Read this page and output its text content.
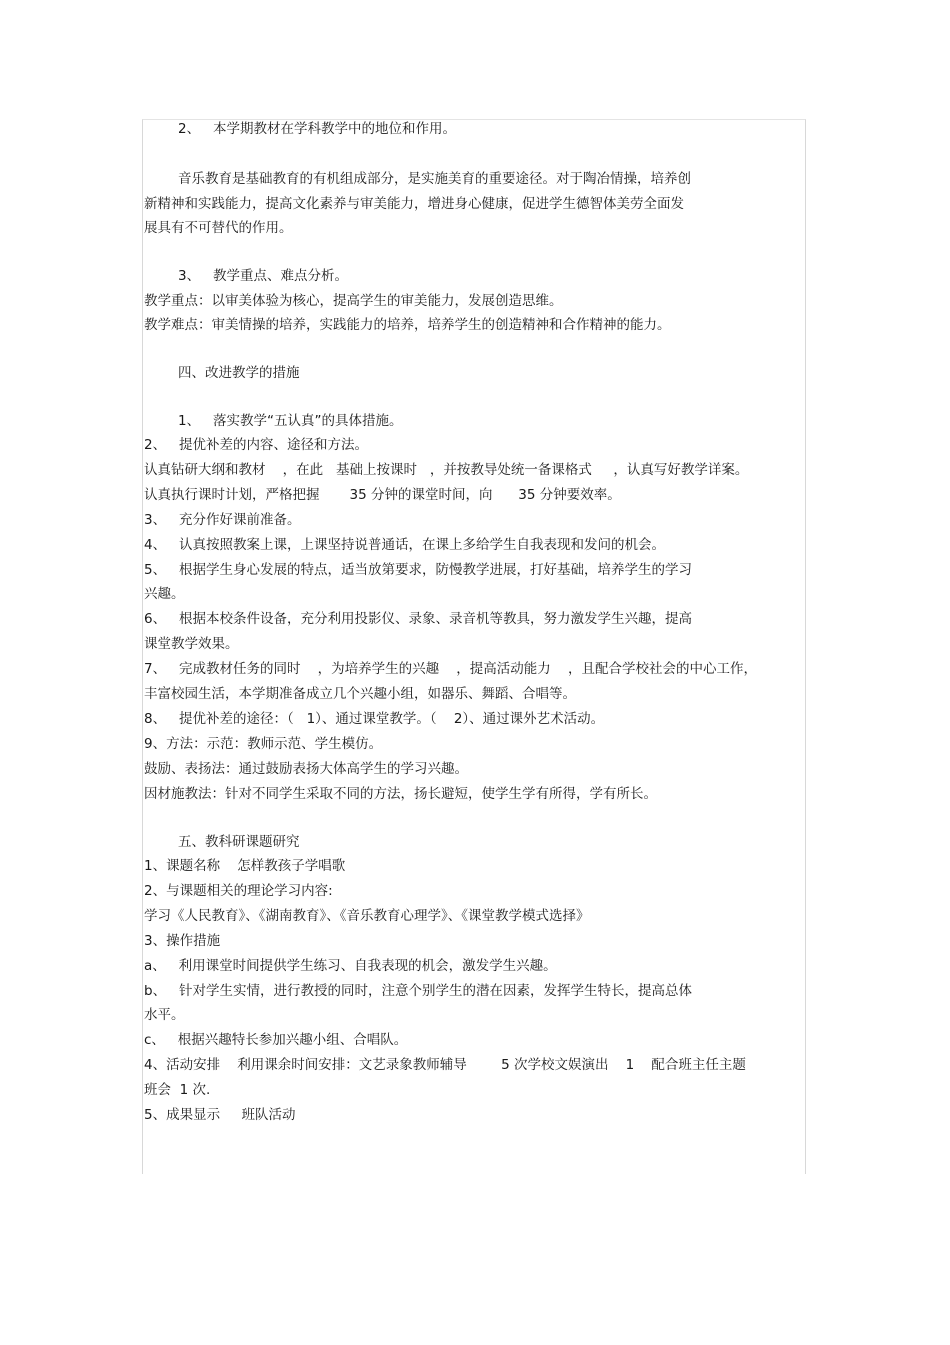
2、   本学期教材在学科教学中的地位和作用。

音乐教育是基础教育的有机组成部分，是实施美育的重要途径。对于陶冶情操，培养创

新精神和实践能力，提高文化素养与审美能力，增进身心健康，促进学生德智体美劳全面发

展具有不可替代的作用。

3、   教学重点、难点分析。

教学重点：以审美体验为核心，提高学生的审美能力，发展创造思维。

教学难点：审美情操的培养，实践能力的培养，培养学生的创造精神和合作精神的能力。

四、改进教学的措施

1、   落实教学“五认真”的具体措施。

2、   提优补差的内容、途径和方法。

认真钻研大纲和教材    ，在此   基础上按课时   ，并按教导处统一备课格式     ，认真写好教学详案。

认真执行课时计划，严格把握       35 分钟的课堂时间，向      35 分钟要效率。

3、   充分作好课前准备。

4、   认真按照教案上课，上课坚持说普通话，在课上多给学生自我表现和发问的机会。

5、   根据学生身心发展的特点，适当放第要求，防慢教学进展，打好基础，培养学生的学习

兴趣。

6、   根据本校条件设备，充分利用投影仪、录象、录音机等教具，努力激发学生兴趣，提高

课堂教学效果。

7、   完成教材任务的同时    ，为培养学生的兴趣    ，提高活动能力    ，且配合学校社会的中心工作，

丰富校园生活，本学期准备成立几个兴趣小组，如器乐、舞蹈、合唱等。

8、   提优补差的途径：（   1）、通过课堂教学。（    2）、通过课外艺术活动。

9、方法：示范：教师示范、学生模仿。

鼓励、表扬法：通过鼓励表扬大体高学生的学习兴趣。

因材施教法：针对不同学生采取不同的方法，扬长避短，使学生学有所得，学有所长。

五、教科研课题研究

1、课题名称    怎样教孩子学唱歌

2、与课题相关的理论学习内容:

学习《人民教育》、《湖南教育》、《音乐教育心理学》、《课堂教学模式选择》

3、操作措施

a、   利用课堂时间提供学生练习、自我表现的机会，激发学生兴趣。

b、   针对学生实情，进行教授的同时，注意个别学生的潜在因素，发挥学生特长，提高总体

水平。

c、   根据兴趣特长参加兴趣小组、合唱队。

4、活动安排    利用课余时间安排：文艺录象教师辅导        5 次学校文娱演出    1    配合班主任主题

班会  1 次.

5、成果显示     班队活动
